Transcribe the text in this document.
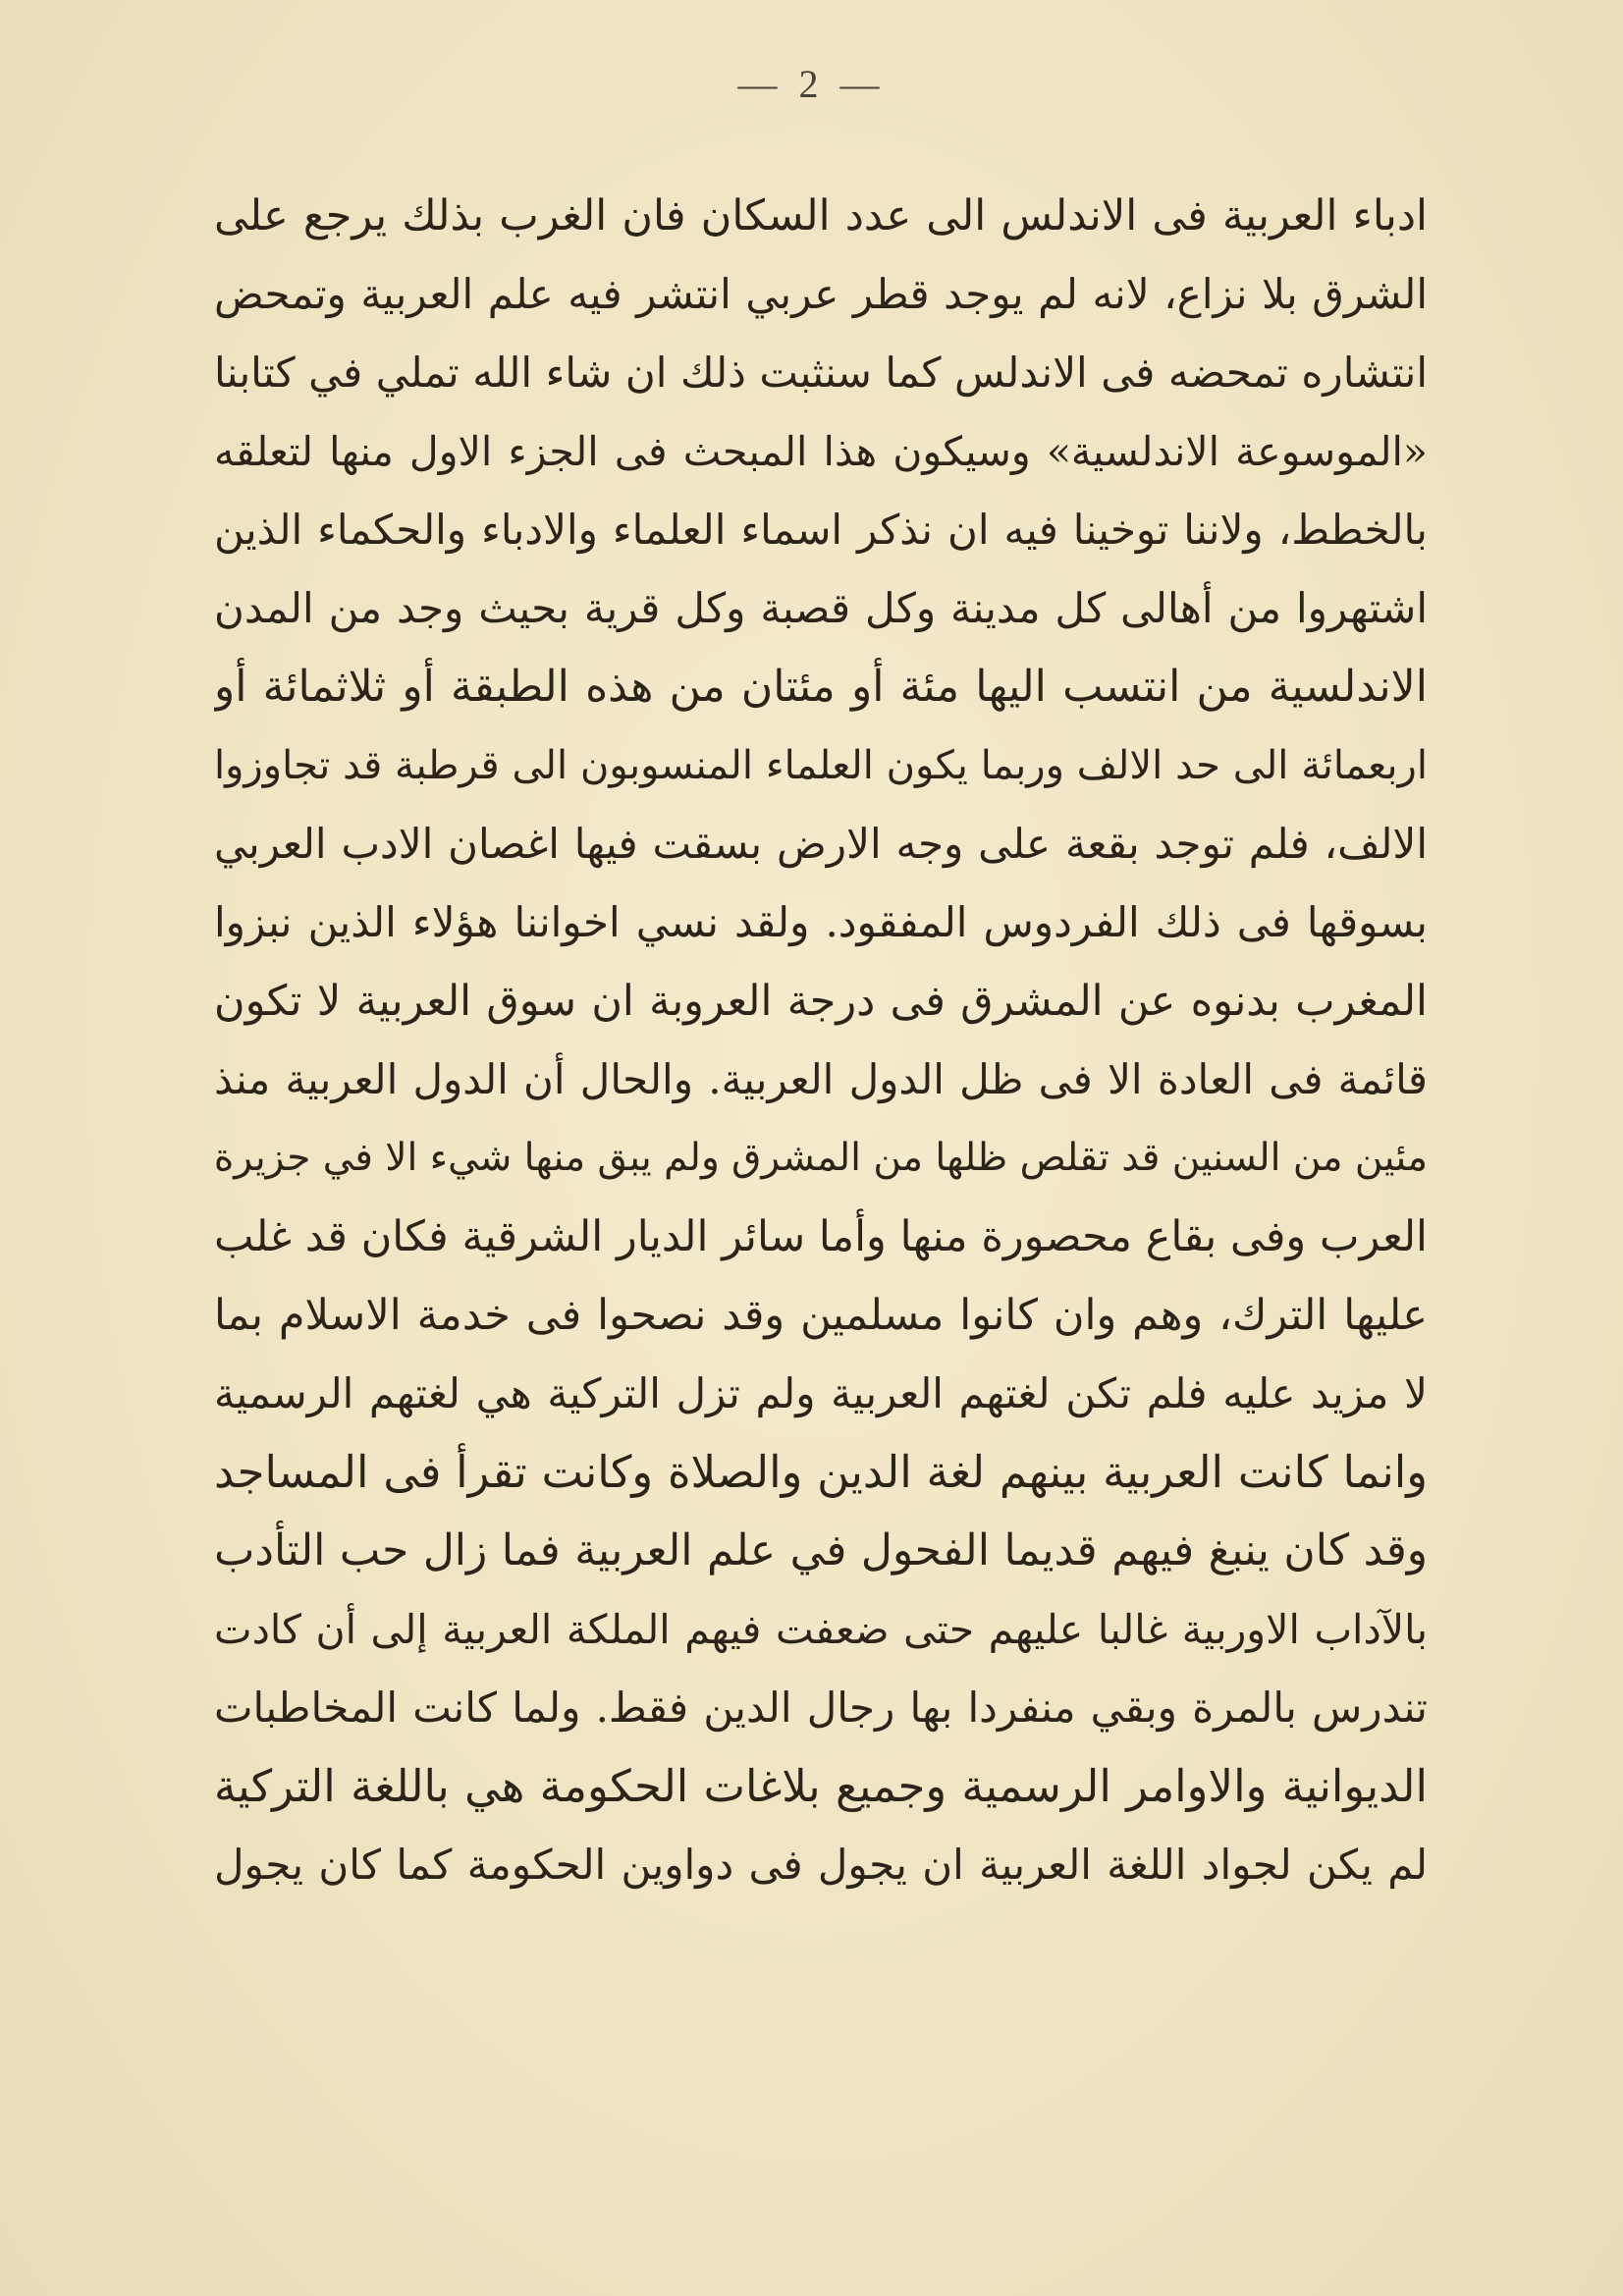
— 2 —
ادباء العربية فى الاندلس الى عدد السكان فان الغرب بذلك يرجع على
الشرق بلا نزاع، لانه لم يوجد قطر عربي انتشر فيه علم العربية وتمحض
انتشاره تمحضه فى الاندلس كما سنثبت ذلك ان شاء الله تملي في كتابنا
«الموسوعة الاندلسية» وسيكون هذا المبحث فى الجزء الاول منها لتعلقه
بالخطط، ولاننا توخينا فيه ان نذكر اسماء العلماء والادباء والحكماء الذين
اشتهروا من أهالى كل مدينة وكل قصبة وكل قرية بحيث وجد من المدن
الاندلسية من انتسب اليها مئة أو مئتان من هذه الطبقة أو ثلاثمائة أو
اربعمائة الى حد الالف وربما يكون العلماء المنسوبون الى قرطبة قد تجاوزوا
الالف، فلم توجد بقعة على وجه الارض بسقت فيها اغصان الادب العربي
بسوقها فى ذلك الفردوس المفقود. ولقد نسي اخواننا هؤلاء الذين نبزوا
المغرب بدنوه عن المشرق فى درجة العروبة ان سوق العربية لا تكون
قائمة فى العادة الا فى ظل الدول العربية. والحال أن الدول العربية منذ
مئين من السنين قد تقلص ظلها من المشرق ولم يبق منها شيء الا في جزيرة
العرب وفى بقاع محصورة منها وأما سائر الديار الشرقية فكان قد غلب
عليها الترك، وهم وان كانوا مسلمين وقد نصحوا فى خدمة الاسلام بما
لا مزيد عليه فلم تكن لغتهم العربية ولم تزل التركية هي لغتهم الرسمية
وانما كانت العربية بينهم لغة الدين والصلاة وكانت تقرأ فى المساجد
وقد كان ينبغ فيهم قديما الفحول في علم العربية فما زال حب التأدب
بالآداب الاوربية غالبا عليهم حتى ضعفت فيهم الملكة العربية إلى أن كادت
تندرس بالمرة وبقي منفردا بها رجال الدين فقط. ولما كانت المخاطبات
الديوانية والاوامر الرسمية وجميع بلاغات الحكومة هي باللغة التركية
لم يكن لجواد اللغة العربية ان يجول فى دواوين الحكومة كما كان يجول
